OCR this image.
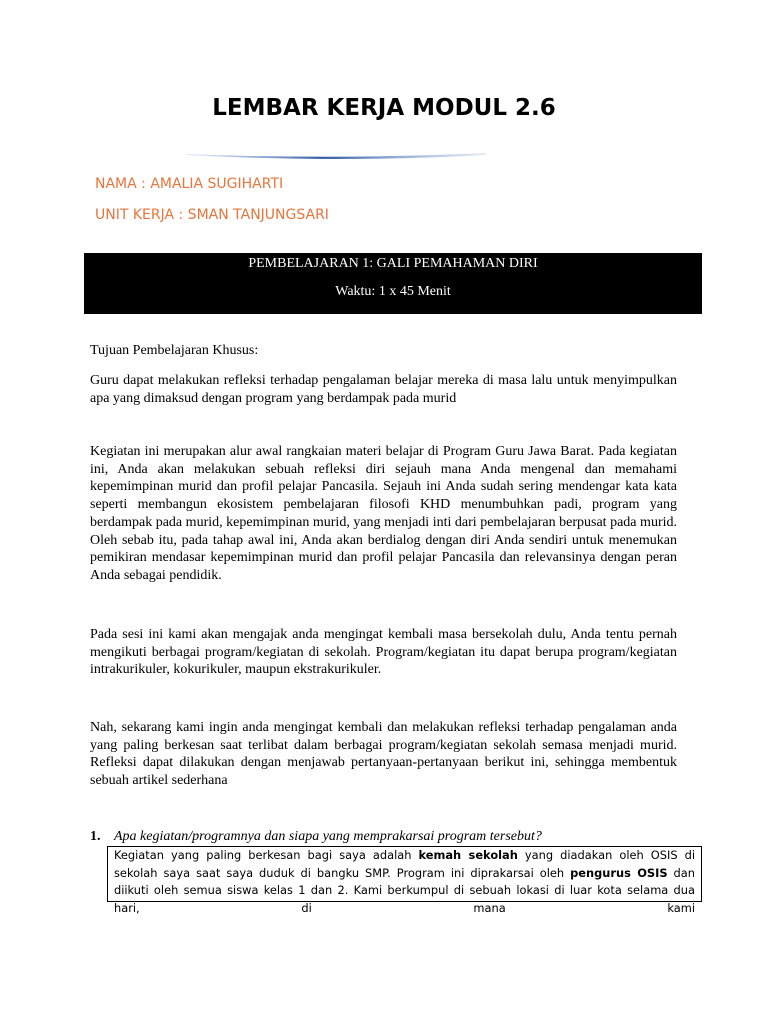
LEMBAR KERJA MODUL 2.6
NAMA : AMALIA SUGIHARTI
UNIT KERJA : SMAN TANJUNGSARI
PEMBELAJARAN 1: GALI PEMAHAMAN DIRI
Waktu: 1 x 45 Menit
Tujuan Pembelajaran Khusus:
Guru dapat melakukan refleksi terhadap pengalaman belajar mereka di masa lalu untuk menyimpulkan apa yang dimaksud dengan program yang berdampak pada murid
Kegiatan ini merupakan alur awal rangkaian materi belajar di Program Guru Jawa Barat. Pada kegiatan ini, Anda akan melakukan sebuah refleksi diri sejauh mana Anda mengenal dan memahami kepemimpinan murid dan profil pelajar Pancasila. Sejauh ini Anda sudah sering mendengar kata kata seperti membangun ekosistem pembelajaran filosofi KHD menumbuhkan padi, program yang berdampak pada murid, kepemimpinan murid, yang menjadi inti dari pembelajaran berpusat pada murid. Oleh sebab itu, pada tahap awal ini, Anda akan berdialog dengan diri Anda sendiri untuk menemukan pemikiran mendasar kepemimpinan murid dan profil pelajar Pancasila dan relevansinya dengan peran Anda sebagai pendidik.
Pada sesi ini kami akan mengajak anda mengingat kembali masa bersekolah dulu, Anda tentu pernah mengikuti berbagai program/kegiatan di sekolah. Program/kegiatan itu dapat berupa program/kegiatan intrakurikuler, kokurikuler, maupun ekstrakurikuler.
Nah, sekarang kami ingin anda mengingat kembali dan melakukan refleksi terhadap pengalaman anda yang paling berkesan saat terlibat dalam berbagai program/kegiatan sekolah semasa menjadi murid. Refleksi dapat dilakukan dengan menjawab pertanyaan-pertanyaan berikut ini, sehingga membentuk sebuah artikel sederhana
1. Apa kegiatan/programnya dan siapa yang memprakarsai program tersebut?
Kegiatan yang paling berkesan bagi saya adalah kemah sekolah yang diadakan oleh OSIS di sekolah saya saat saya duduk di bangku SMP. Program ini diprakarsai oleh pengurus OSIS dan diikuti oleh semua siswa kelas 1 dan 2. Kami berkumpul di sebuah lokasi di luar kota selama dua hari, di mana kami
